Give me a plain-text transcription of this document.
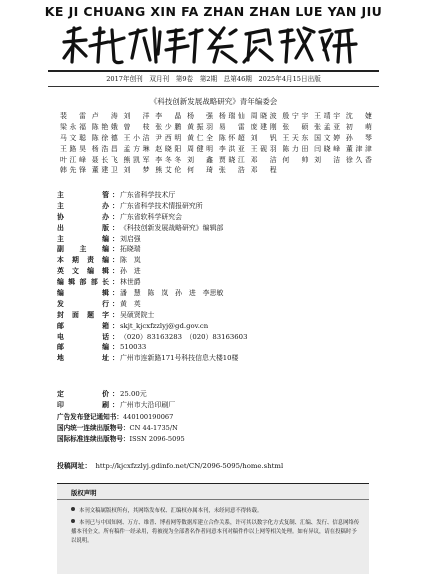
KE JI CHUANG XIN FA ZHAN ZHAN LUE YAN JIU
2017年创刊　双月刊　第9卷　第2期　总第46期　2025年4月15日出版
《科技创新发展战略研究》青年编委会
裴　雷 卢　涛 刘　洋 李　晶 杨　强 杨瑞仙 周晓波 殷宁宇 王靖宇 沈　婕
梁永福 陈艳娥 曾　枝 张少鹏 黄振羽 易　雷 庞建刚 张　硕 张孟亚 初　萌
马文聪 陈徐德 王小洁 尹西明 黄仁全 陈怀超 刘　钒 王天东 国文婷 孙　琴
王路昊 杨浩昌 孟方琳 赵晓阳 周健明 李洪亚 王砚羽 陈力田 闫晓峰 董津津
叶江峰 聂长飞 熊凯军 李冬冬 刘　鑫 贾晓江 邓　洁 何　帅 刘　洁 徐久香
韩先锋 董建卫 刘　梦 熊艾伦 何　琦 张　浩 邓　程
主管 ： 广东省科学技术厅
主办 ： 广东省科学技术情报研究所
协办 ： 广东省软科学研究会
出版 ： 《科技创新发展战略研究》编辑部
主编 ： 刘启强
副主编 ： 拓晓瑞
本期责编 ： 陈　岚
英文编辑 ： 孙　进
编辑部部长 ： 林世爵
编辑 ： 潘　慧　陈　岚　孙　进　李思敏
发行 ： 黄　英
封面题字 ： 吴硕贤院士
邮箱 ： skjt_kjcxfzzlyj@gd.gov.cn
电话 ： （020）83163283　（020）83163603
邮编 ： 510033
地址 ： 广州市连新路171号科技信息大楼10楼
定价 ： 25.00元
印刷 ： 广州市大沿印刷厂
广告发布登记通知书：440100190067
国内统一连续出版物号：CN 44-1735/N
国际标准连续出版物号：ISSN 2096-5095
投稿网址： http://kjcxfzzlyj.gdinfo.net/CN/2096-5095/home.shtml
版权声明
本刊文稿属版权所有，其网络发布权、汇编权亦属本刊，未经同意不得转载。
本刊已与中国知网、万方、维普、博看网等数据库建立合作关系，许可其以数字化方式复制、汇编、发行、信息网络传播本刊全文。所有稿件一经录用，将被视为全部著名作者同意本刊对稿件作以上网等相关处理。如有异议，请在投稿时予以说明。
